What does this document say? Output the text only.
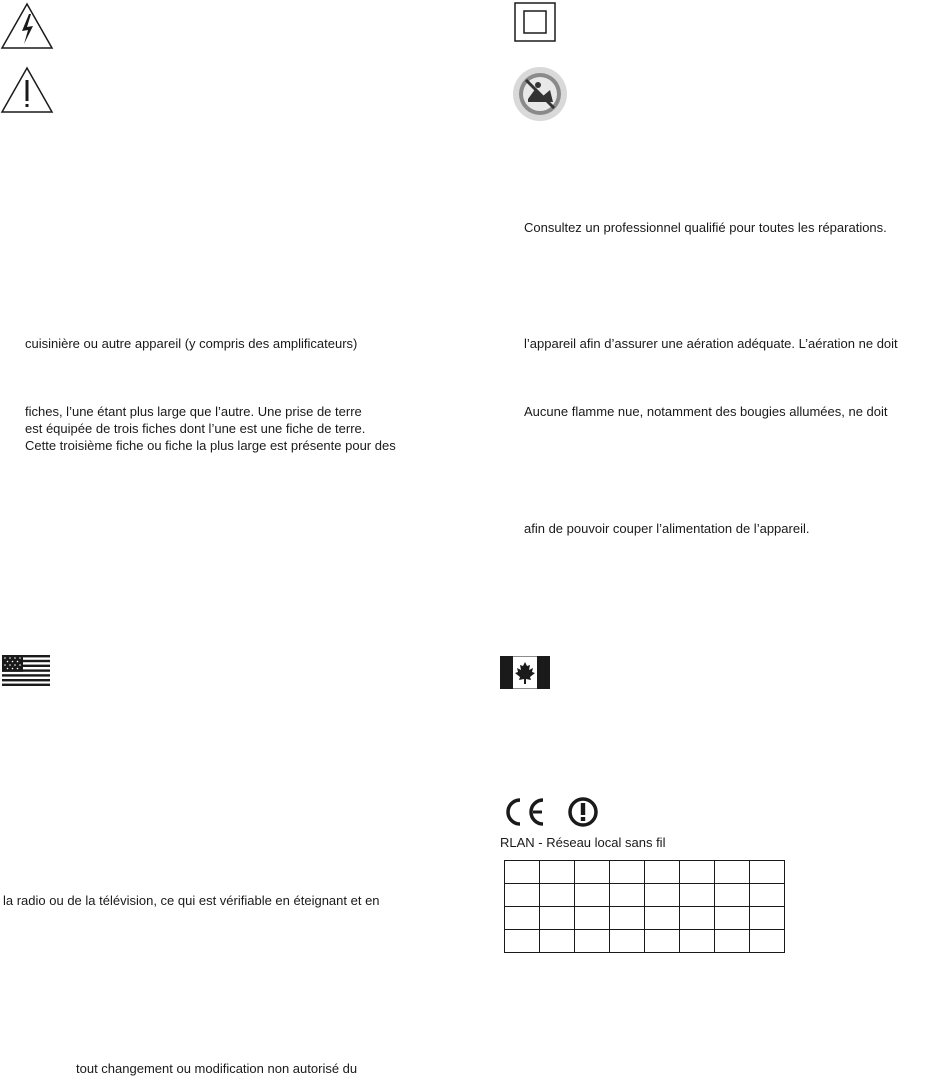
cuisinière ou autre appareil (y compris des amplificateurs)
fiches, l’une étant plus large que l’autre. Une prise de terre
est équipée de trois fiches dont l’une est une fiche de terre.
Cette troisième fiche ou fiche la plus large est présente pour des
la radio ou de la télévision, ce qui est vérifiable en éteignant et en
tout changement ou modification non autorisé du
Consultez un professionnel qualifié pour toutes les réparations.
l’appareil afin d’assurer une aération adéquate. L’aération ne doit
Aucune flamme nue, notamment des bougies allumées, ne doit
afin de pouvoir couper l’alimentation de l’appareil.
RLAN - Réseau local sans fil
